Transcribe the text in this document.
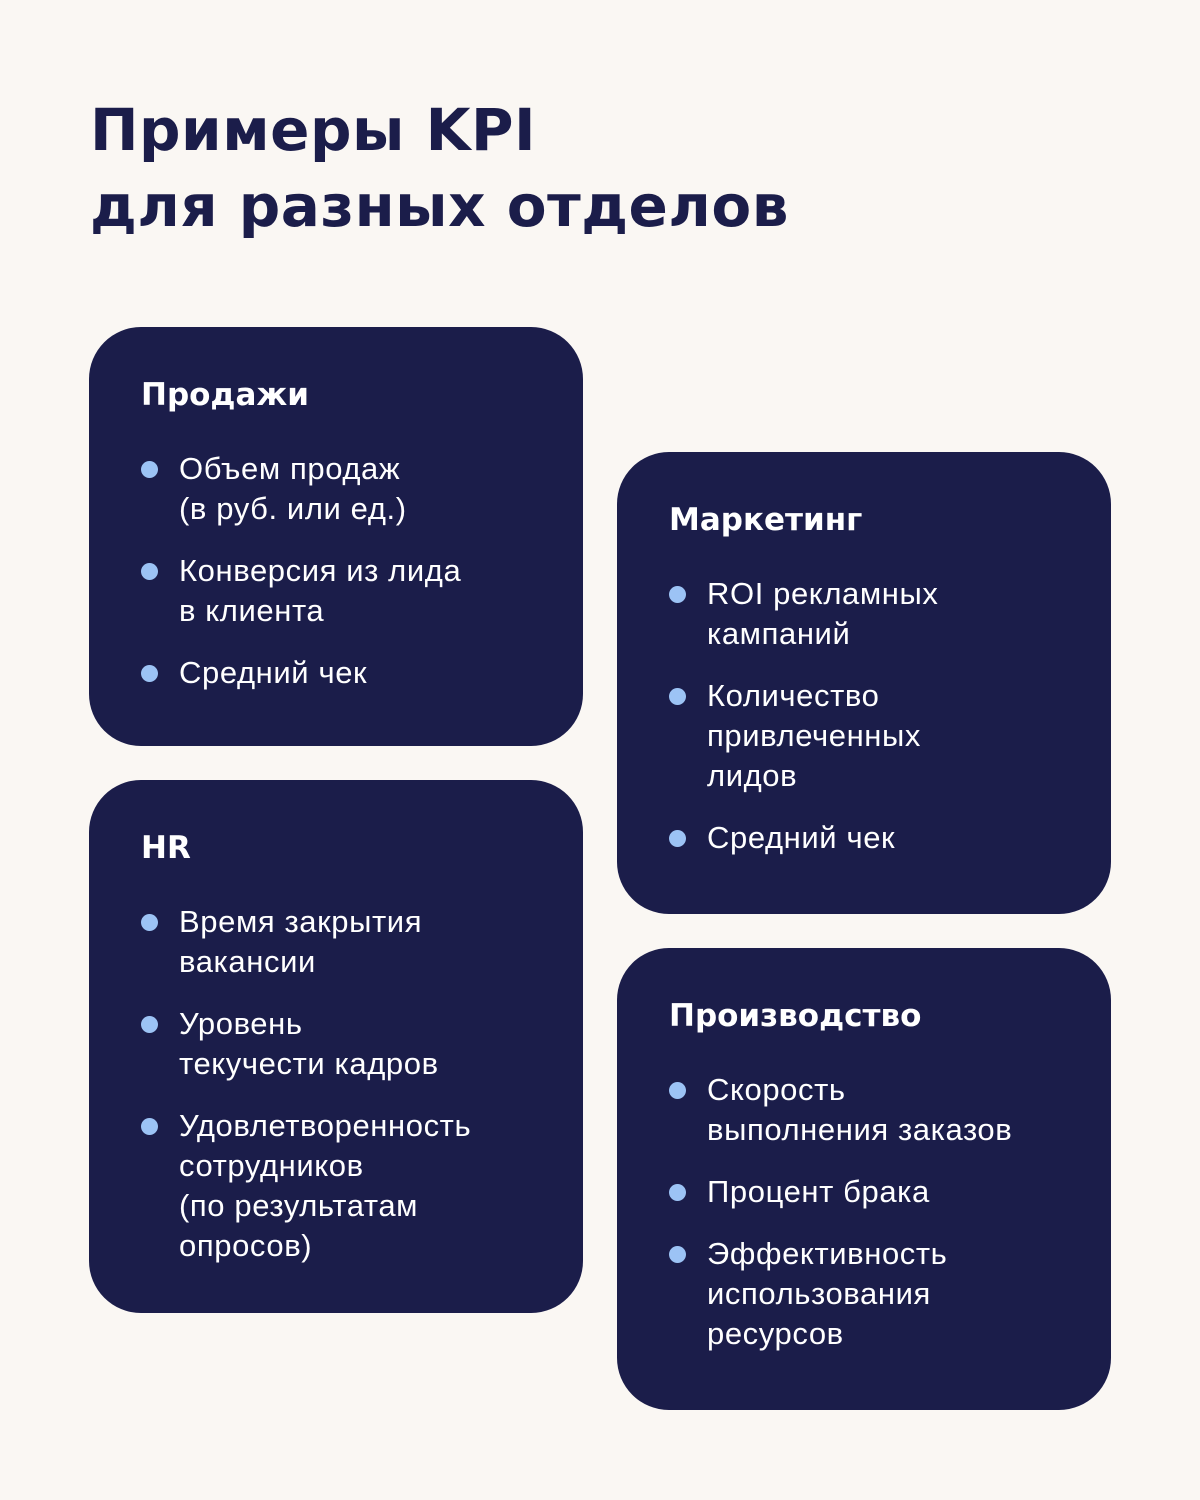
Примеры KPI
для разных отделов
Продажи
Объем продаж
(в руб. или ед.)
Конверсия из лида
в клиента
Средний чек
HR
Время закрытия
вакансии
Уровень
текучести кадров
Удовлетворенность
сотрудников
(по результатам
опросов)
Маркетинг
ROI рекламных
кампаний
Количество
привлеченных
лидов
Средний чек
Производство
Скорость
выполнения заказов
Процент брака
Эффективность
использования
ресурсов
